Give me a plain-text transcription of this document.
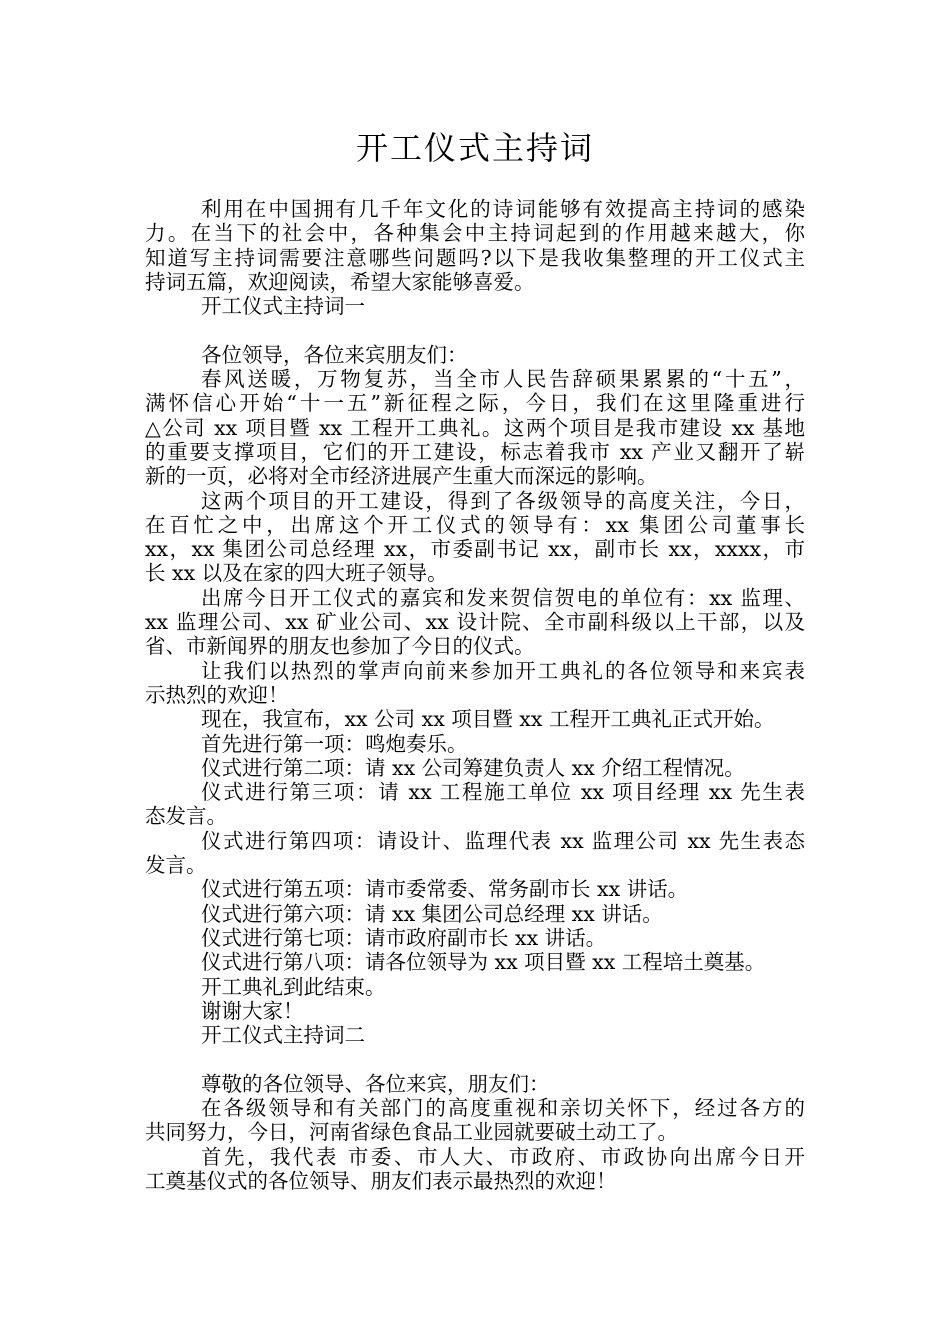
开工仪式主持词
利用在中国拥有几千年文化的诗词能够有效提高主持词的感染
力。在当下的社会中，各种集会中主持词起到的作用越来越大，你
知道写主持词需要注意哪些问题吗?以下是我收集整理的开工仪式主
持词五篇，欢迎阅读，希望大家能够喜爱。
开工仪式主持词一
各位领导，各位来宾朋友们：
春风送暖，万物复苏，当全市人民告辞硕果累累的“十五”，
满怀信心开始“十一五”新征程之际，今日，我们在这里隆重进行
△公司 xx 项目暨 xx 工程开工典礼。这两个项目是我市建设 xx 基地
的重要支撑项目，它们的开工建设，标志着我市 xx 产业又翻开了崭
新的一页，必将对全市经济进展产生重大而深远的影响。
这两个项目的开工建设，得到了各级领导的高度关注，今日，
在百忙之中，出席这个开工仪式的领导有：xx 集团公司董事长
xx，xx 集团公司总经理 xx，市委副书记 xx，副市长 xx，xxxx，市
长 xx 以及在家的四大班子领导。
出席今日开工仪式的嘉宾和发来贺信贺电的单位有：xx 监理、
xx 监理公司、xx 矿业公司、xx 设计院、全市副科级以上干部，以及
省、市新闻界的朋友也参加了今日的仪式。
让我们以热烈的掌声向前来参加开工典礼的各位领导和来宾表
示热烈的欢迎！
现在，我宣布，xx 公司 xx 项目暨 xx 工程开工典礼正式开始。
首先进行第一项：鸣炮奏乐。
仪式进行第二项：请 xx 公司筹建负责人 xx 介绍工程情况。
仪式进行第三项：请 xx 工程施工单位 xx 项目经理 xx 先生表
态发言。
仪式进行第四项：请设计、监理代表 xx 监理公司 xx 先生表态
发言。
仪式进行第五项：请市委常委、常务副市长 xx 讲话。
仪式进行第六项：请 xx 集团公司总经理 xx 讲话。
仪式进行第七项：请市政府副市长 xx 讲话。
仪式进行第八项：请各位领导为 xx 项目暨 xx 工程培土奠基。
开工典礼到此结束。
谢谢大家！
开工仪式主持词二
尊敬的各位领导、各位来宾，朋友们：
在各级领导和有关部门的高度重视和亲切关怀下，经过各方的
共同努力，今日，河南省绿色食品工业园就要破土动工了。
首先，我代表 市委、市人大、市政府、市政协向出席今日开
工奠基仪式的各位领导、朋友们表示最热烈的欢迎！
